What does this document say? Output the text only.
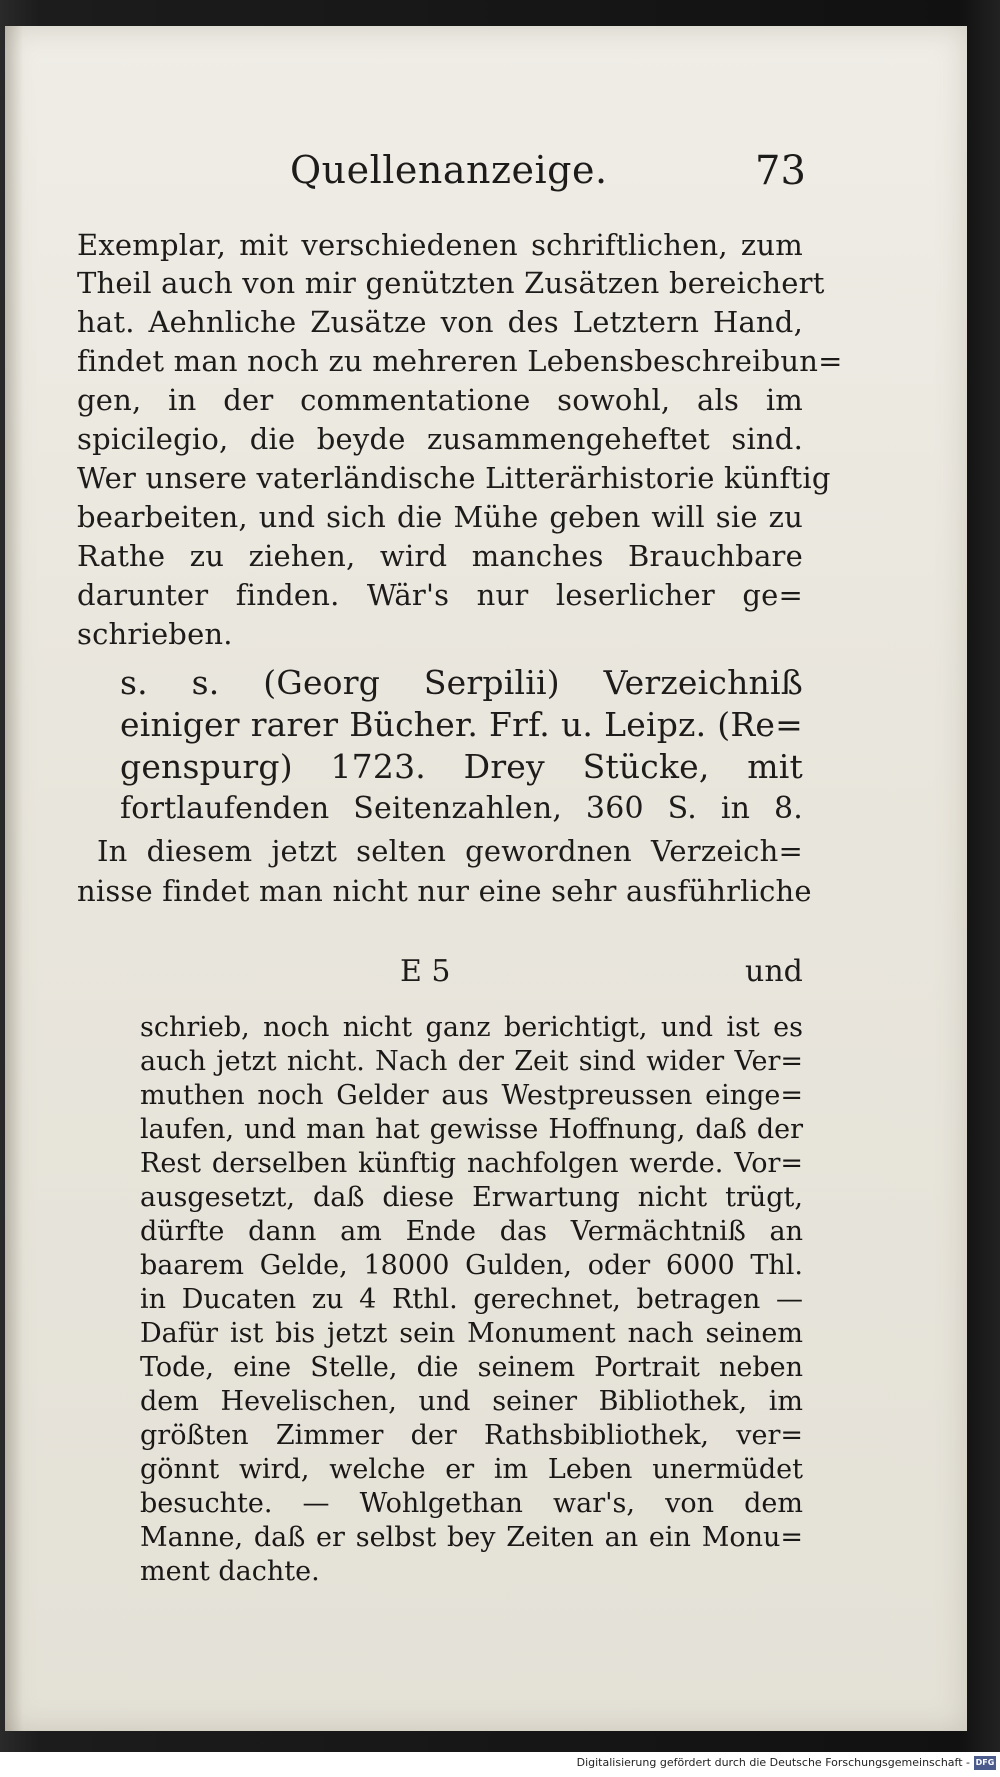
Quellenanzeige.	73
Exemplar, mit verschiedenen schriftlichen, zum
Theil auch von mir genützten Zusätzen bereichert
hat. Aehnliche Zusätze von des Letztern Hand,
findet man noch zu mehreren Lebensbeschreibun=
gen, in der commentatione sowohl, als im
spicilegio, die beyde zusammengeheftet sind.
Wer unsere vaterländische Litterärhistorie künftig
bearbeiten, und sich die Mühe geben will sie zu
Rathe zu ziehen, wird manches Brauchbare
darunter finden. Wär's nur leserlicher ge=
schrieben.
s. s. (Georg Serpilii) Verzeichniß
einiger rarer Bücher. Frf. u. Leipz. (Re=
genspurg) 1723. Drey Stücke, mit
fortlaufenden Seitenzahlen, 360 S. in 8.
In diesem jetzt selten gewordnen Verzeich=
nisse findet man nicht nur eine sehr ausführliche
E 5	und
schrieb, noch nicht ganz berichtigt, und ist es
auch jetzt nicht. Nach der Zeit sind wider Ver=
muthen noch Gelder aus Westpreussen einge=
laufen, und man hat gewisse Hoffnung, daß der
Rest derselben künftig nachfolgen werde. Vor=
ausgesetzt, daß diese Erwartung nicht trügt,
dürfte dann am Ende das Vermächtniß an
baarem Gelde, 18000 Gulden, oder 6000 Thl.
in Ducaten zu 4 Rthl. gerechnet, betragen —
Dafür ist bis jetzt sein Monument nach seinem
Tode, eine Stelle, die seinem Portrait neben
dem Hevelischen, und seiner Bibliothek, im
größten Zimmer der Rathsbibliothek, ver=
gönnt wird, welche er im Leben unermüdet
besuchte. — Wohlgethan war's, von dem
Manne, daß er selbst bey Zeiten an ein Monu=
ment dachte.
Digitalisierung gefördert durch die Deutsche Forschungsgemeinschaft - DFG
